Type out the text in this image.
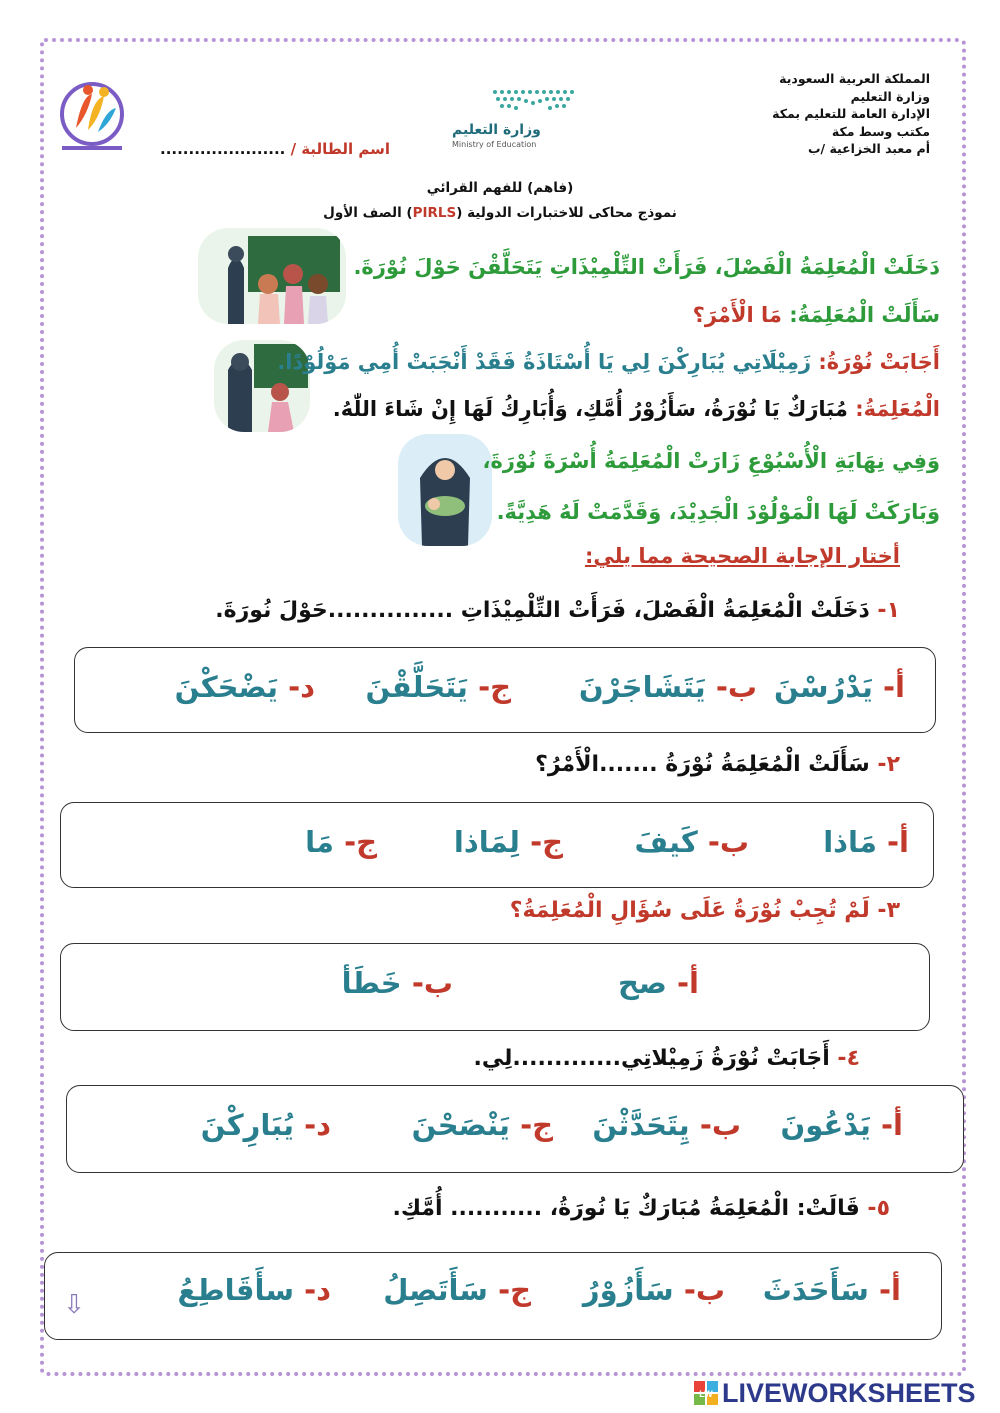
المملكة العربية السعودية
وزارة التعليم
الإدارة العامة للتعليم بمكة
مكتب وسط مكة
أم معبد الخزاعية /ب
وزارة التعليم
Ministry of Education
اسم الطالبة / ......................
(فاهم) للفهم القرائي
نموذج محاكى للاختبارات الدولية (PIRLS) الصف الأول
دَخَلَتْ الْمُعَلِمَةُ الْفَصْلَ، فَرَأَتْ التِّلْمِيْذَاتِ يَتَحَلَّقْنَ حَوْلَ نُوْرَةَ.
سَأَلَتْ الْمُعَلِمَةُ: مَا الْأَمْرَ؟
أَجَابَتْ نُوْرَةُ: زَمِيْلَاتِي يُبَارِكْنَ لِي يَا أُسْتَاذَةُ فَقَدْ أَنْجَبَتْ أُمِي مَوْلُوْدًا.
الْمُعَلِمَةُ: مُبَارَكٌ يَا نُوْرَةُ، سَأَزُوْرُ أُمَّكِ، وَأُبَارِكُ لَهَا إِنْ شَاءَ اللّٰهُ.
وَفِي نِهَايَةِ الْأُسْبُوْعِ زَارَتْ الْمُعَلِمَةُ أُسْرَةَ نُوْرَةَ،
وَبَارَكَتْ لَهَا الْمَوْلُوْدَ الْجَدِيْدَ، وَقَدَّمَتْ لَهُ هَدِيَّةً.
أختار الإجابة الصحيحة مما يلي:
١- دَخَلَتْ الْمُعَلِمَةُ الْفَصْلَ، فَرَأَتْ التِّلْمِيْذَاتِ ...............حَوْلَ نُورَةَ.
أ- يَدْرُسْنَ
ب- يَتَشَاجَرْنَ
ج- يَتَحَلَّقْنَ
د- يَضْحَكْنَ
٢- سَأَلَتْ الْمُعَلِمَةُ نُوْرَةُ .......الْأَمْرُ؟
أ- مَاذا
ب- كَيفَ
ج- لِمَاذا
ج- مَا
٣- لَمْ تُجِبْ نُوْرَةُ عَلَى سُؤَالِ الْمُعَلِمَةُ؟
أ- صح
ب- خَطَأ
٤- أَجَابَتْ نُوْرَةُ زَمِيْلاتِي.............لِي.
أ- يَدْعُونَ
ب- يِتَحَدَّثْنَ
ج- يَنْصَحْنَ
د- يُبَارِكْنَ
٥- قَالَتْ: الْمُعَلِمَةُ مُبَارَكٌ يَا نُورَةُ، ........... أُمَّكِ.
أ- سَأَحَدَثَ
ب- سَأَزُوْرُ
ج- سَأَتَصِلُ
د- سأَقَاطِعُ
⇩
LW LIVEWORKSHEETS
